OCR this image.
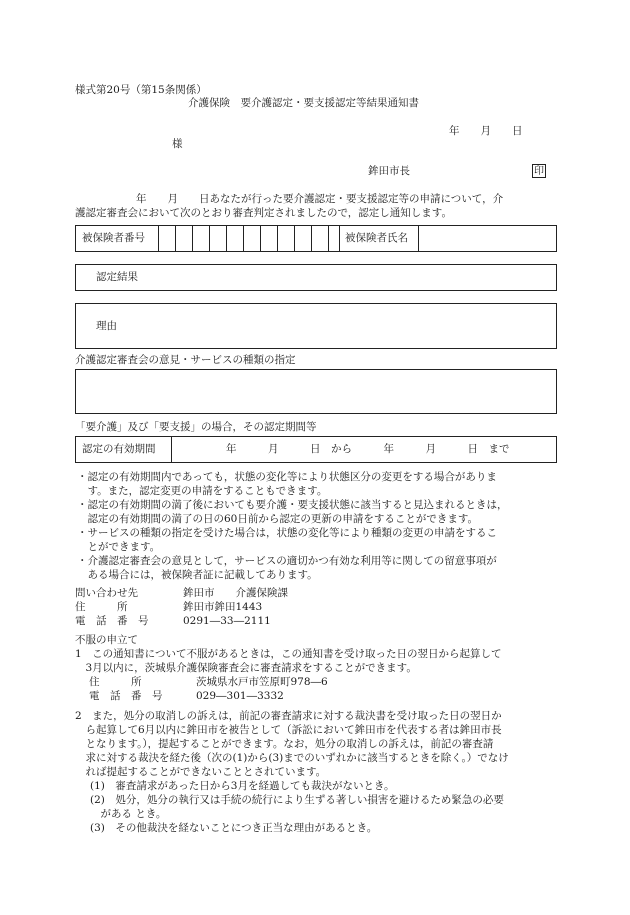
様式第20号（第15条関係）
介護保険　要介護認定・要支援認定等結果通知書
年　　月　　日
様
鉾田市長	印
年　　月　　日あなたが行った要介護認定・要支援認定等の申請について，介
護認定審査会において次のとおり審査判定されましたので，認定し通知します。
被保険者番号	被保険者氏名
認定結果
理由
介護認定審査会の意見・サービスの種類の指定
「要介護」及び「要支援」の場合，その認定期間等
認定の有効期間	年　　　月　　　日　から　　　年　　　月　　　日　まで
・認定の有効期間内であっても，状態の変化等により状態区分の変更をする場合がありま
　す。また，認定変更の申請をすることもできます。
・認定の有効期間の満了後においても要介護・要支援状態に該当すると見込まれるときは，
　認定の有効期間の満了の日の60日前から認定の更新の申請をすることができます。
・サービスの種類の指定を受けた場合は，状態の変化等により種類の変更の申請をするこ
　とができます。
・介護認定審査会の意見として，サービスの適切かつ有効な利用等に関しての留意事項が
　ある場合には，被保険者証に記載してあります。
問い合わせ先	鉾田市　　介護保険課
住　　　所	鉾田市鉾田1443
電　話　番　号	0291―33―2111
不服の申立て
1　この通知書について不服があるときは，この通知書を受け取った日の翌日から起算して
　3月以内に，茨城県介護保険審査会に審査請求をすることができます。
住　　　所	茨城県水戸市笠原町978―6
電　話　番　号	029―301―3332
2　また，処分の取消しの訴えは，前記の審査請求に対する裁決書を受け取った日の翌日か
　ら起算して6月以内に鉾田市を被告として（訴訟において鉾田市を代表する者は鉾田市長
　となります。），提起することができます。なお，処分の取消しの訴えは，前記の審査請
　求に対する裁決を経た後（次の(1)から(3)までのいずれかに該当するときを除く。）でなけ
　れば提起することができないこととされています。
(1)　審査請求があった日から3月を経過しても裁決がないとき。
(2)　処分，処分の執行又は手続の続行により生ずる著しい損害を避けるため緊急の必要
　がある とき。
(3)　その他裁決を経ないことにつき正当な理由があるとき。
